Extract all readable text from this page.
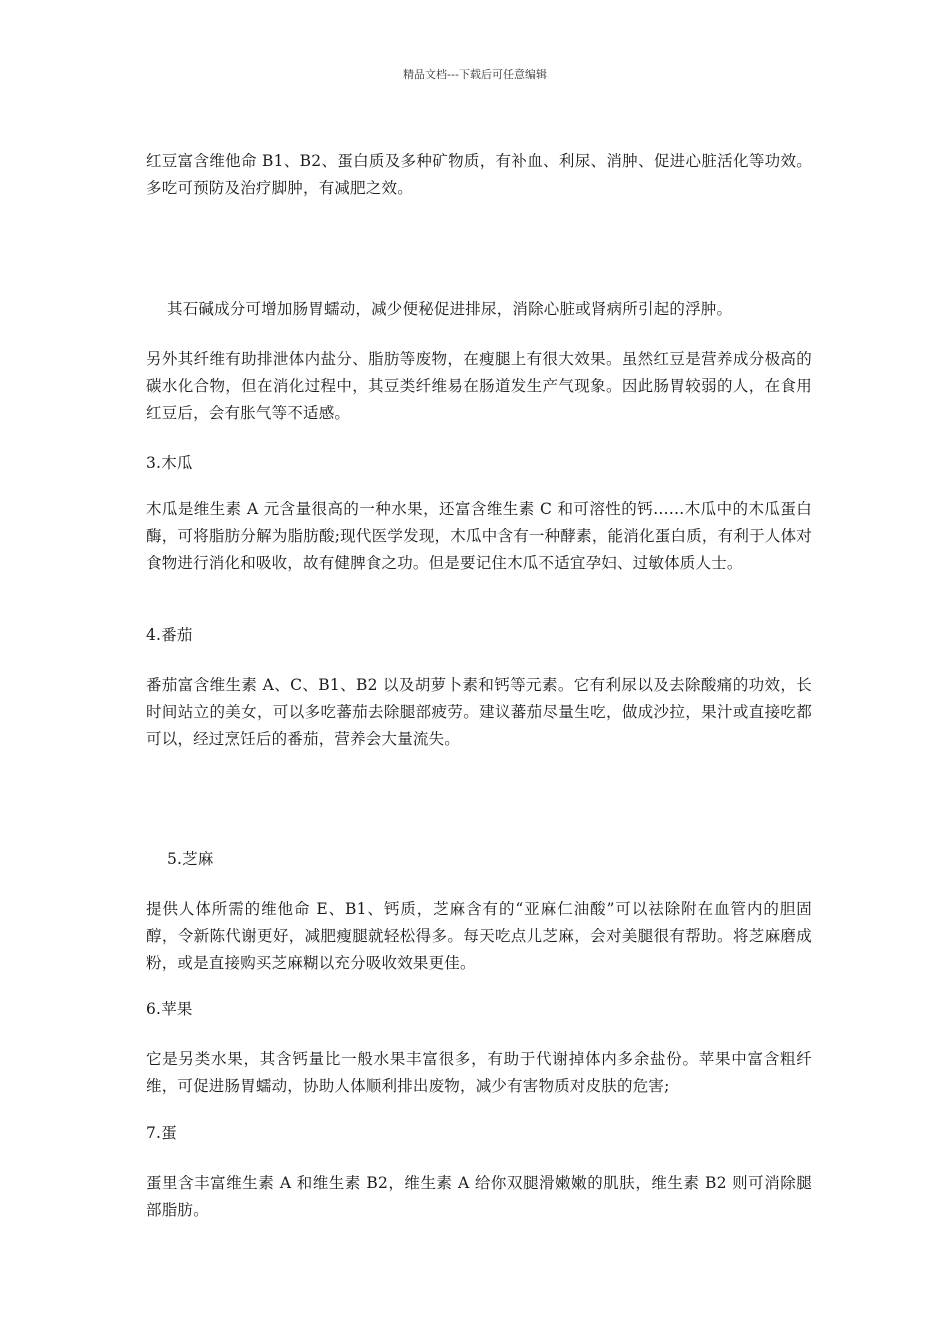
精品文档---下载后可任意编辑

红豆富含维他命 B1、B2、蛋白质及多种矿物质，有补血、利尿、消肿、促进心脏活化等功效。多吃可预防及治疗脚肿，有减肥之效。

其石碱成分可增加肠胃蠕动，减少便秘促进排尿，消除心脏或肾病所引起的浮肿。

另外其纤维有助排泄体内盐分、脂肪等废物，在瘦腿上有很大效果。虽然红豆是营养成分极高的碳水化合物，但在消化过程中，其豆类纤维易在肠道发生产气现象。因此肠胃较弱的人，在食用红豆后，会有胀气等不适感。

3.木瓜

木瓜是维生素 A 元含量很高的一种水果，还富含维生素 C 和可溶性的钙……木瓜中的木瓜蛋白酶，可将脂肪分解为脂肪酸;现代医学发现，木瓜中含有一种酵素，能消化蛋白质，有利于人体对食物进行消化和吸收，故有健脾食之功。但是要记住木瓜不适宜孕妇、过敏体质人士。

4.番茄

番茄富含维生素 A、C、B1、B2 以及胡萝卜素和钙等元素。它有利尿以及去除酸痛的功效，长时间站立的美女，可以多吃蕃茄去除腿部疲劳。建议蕃茄尽量生吃，做成沙拉，果汁或直接吃都可以，经过烹饪后的番茄，营养会大量流失。

5.芝麻

提供人体所需的维他命 E、B1、钙质，芝麻含有的“亚麻仁油酸”可以祛除附在血管内的胆固醇，令新陈代谢更好，减肥瘦腿就轻松得多。每天吃点儿芝麻，会对美腿很有帮助。将芝麻磨成粉，或是直接购买芝麻糊以充分吸收效果更佳。

6.苹果

它是另类水果，其含钙量比一般水果丰富很多，有助于代谢掉体内多余盐份。苹果中富含粗纤维，可促进肠胃蠕动，协助人体顺利排出废物，减少有害物质对皮肤的危害;

7.蛋

蛋里含丰富维生素 A 和维生素 B2，维生素 A 给你双腿滑嫩嫩的肌肤，维生素 B2 则可消除腿部脂肪。
